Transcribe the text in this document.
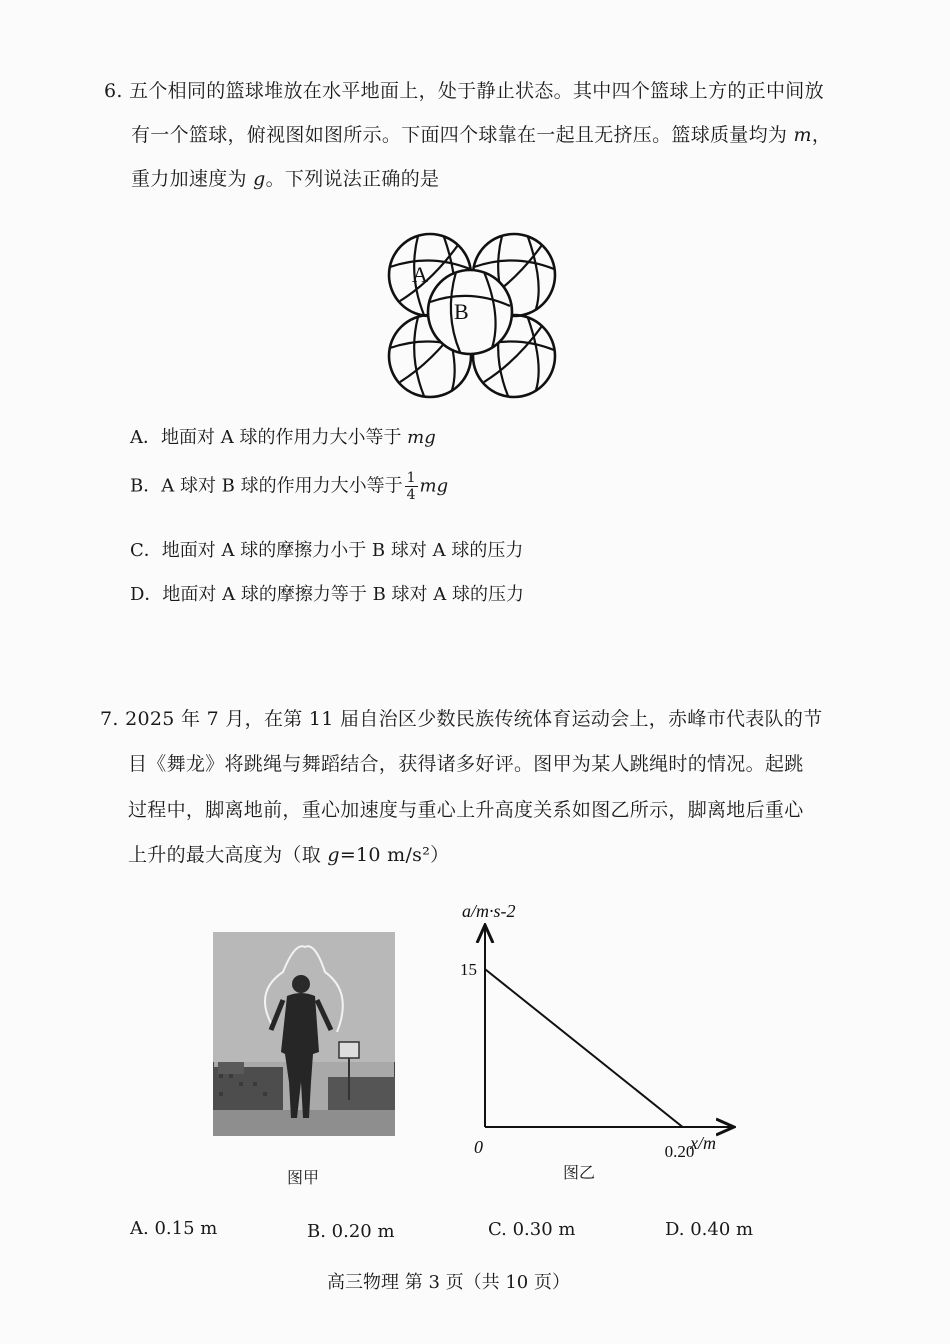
6. 五个相同的篮球堆放在水平地面上，处于静止状态。其中四个篮球上方的正中间放
有一个篮球，俯视图如图所示。下面四个球靠在一起且无挤压。篮球质量均为 m，
重力加速度为 g。下列说法正确的是
A
B
A．地面对 A 球的作用力大小等于 mg
B．A 球对 B 球的作用力大小等于 $\frac{1}{4}$ mg
C．地面对 A 球的摩擦力小于 B 球对 A 球的压力
D．地面对 A 球的摩擦力等于 B 球对 A 球的压力
7. 2025 年 7 月，在第 11 届自治区少数民族传统体育运动会上，赤峰市代表队的节
目《舞龙》将跳绳与舞蹈结合，获得诸多好评。图甲为某人跳绳时的情况。起跳
过程中，脚离地前，重心加速度与重心上升高度关系如图乙所示，脚离地后重心
上升的最大高度为（取 g=10 m/s²）
图甲
a/m·s-2
x/m
0
15
0.20
图乙
A. 0.15 m	B. 0.20 m	C. 0.30 m	D. 0.40 m
高三物理 第 3 页（共 10 页）
